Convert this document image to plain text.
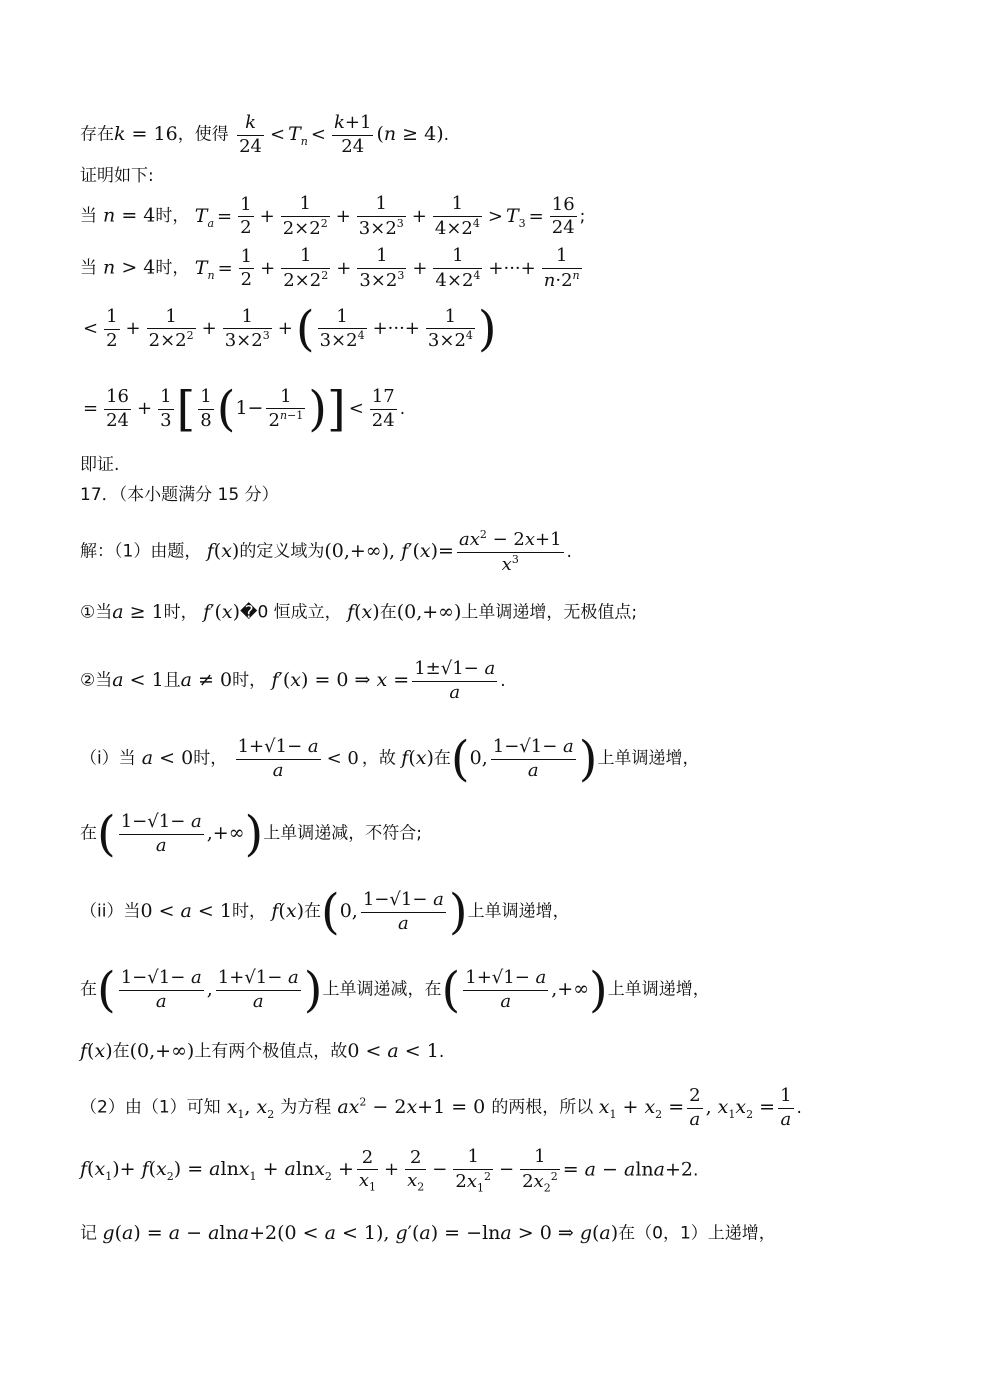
存在k = 16，使得 $\frac{k}{24} < T_n < \frac{k+1}{24} (n \ge 4)$.
证明如下:
当 n = 4时， $T_a = \frac{1}{2} + \frac{1}{2\times 2^2} + \frac{1}{3\times 2^3} + \frac{1}{4\times 2^4} > T_3 = \frac{16}{24}$ ;
当 n > 4时， $T_n = \frac{1}{2} + \frac{1}{2\times 2^2} + \frac{1}{3\times 2^3} + \frac{1}{4\times 2^4}$ +···+ $\frac{1}{n\cdot 2^n}$
< $\frac{1}{2} + \frac{1}{2\times 2^2} + \frac{1}{3\times 2^3}$ +( $\frac{1}{3\times 2^4}$ +···+ $\frac{1}{3\times 2^4}$ )
= $\frac{16}{24} + \frac{1}{3}$ [ $\frac{1}{8} (1- \frac{1}{2^{n-1}}$ )] < $\frac{17}{24}$ .
即证.
17．（本小题满分 15 分）
解：（1）由题， f(x)的定义域为(0,+∞), $f'(x)= \frac{ax^2 - 2x+1}{x^3}$ .
①当a ≥ 1时， f′(x)�0 恒成立， f(x)在(0,+∞)上单调递增，无极值点;
②当a < 1且a ≠ 0时， f′(x) = 0 ⇒ $x = \frac{1\pm√1- a}{a}$ .
（i）当 a < 0时， $\frac{1+√1- a}{a} < 0$ ，故 f(x)在(0, $\frac{1-√1- a}{a}$ )上单调递增，
在( $\frac{1-√1- a}{a}$ ,+∞)上单调递减，不符合;
（ii）当0 < a < 1时， f(x)在(0, $\frac{1-√1- a}{a}$ )上单调递增，
在( $\frac{1-√1- a}{a}$ , $\frac{1+√1- a}{a}$ )上单调递减，在( $\frac{1+√1- a}{a}$ ,+∞)上单调递增，
f(x)在(0,+∞)上有两个极值点，故0 < a < 1.
（2）由（1）可知 $x_1$, $x_2$ 为方程 $ax^2 - 2x+1 = 0$ 的两根，所以 $x_1 + x_2 = \frac{2}{a}$ , $x_1x_2 = \frac{1}{a}$ .
$f(x_1)+ f(x_2) = alnx_1 + alnx_2 + \frac{2}{x_1} + \frac{2}{x_2} - \frac{1}{2x_1^2} - \frac{1}{2x_2^2} = a - alna+2$.
记 g(a) = a − alna+2(0 < a < 1), g′(a) = −lna > 0 ⇒ g(a)在（0，1）上递增，
